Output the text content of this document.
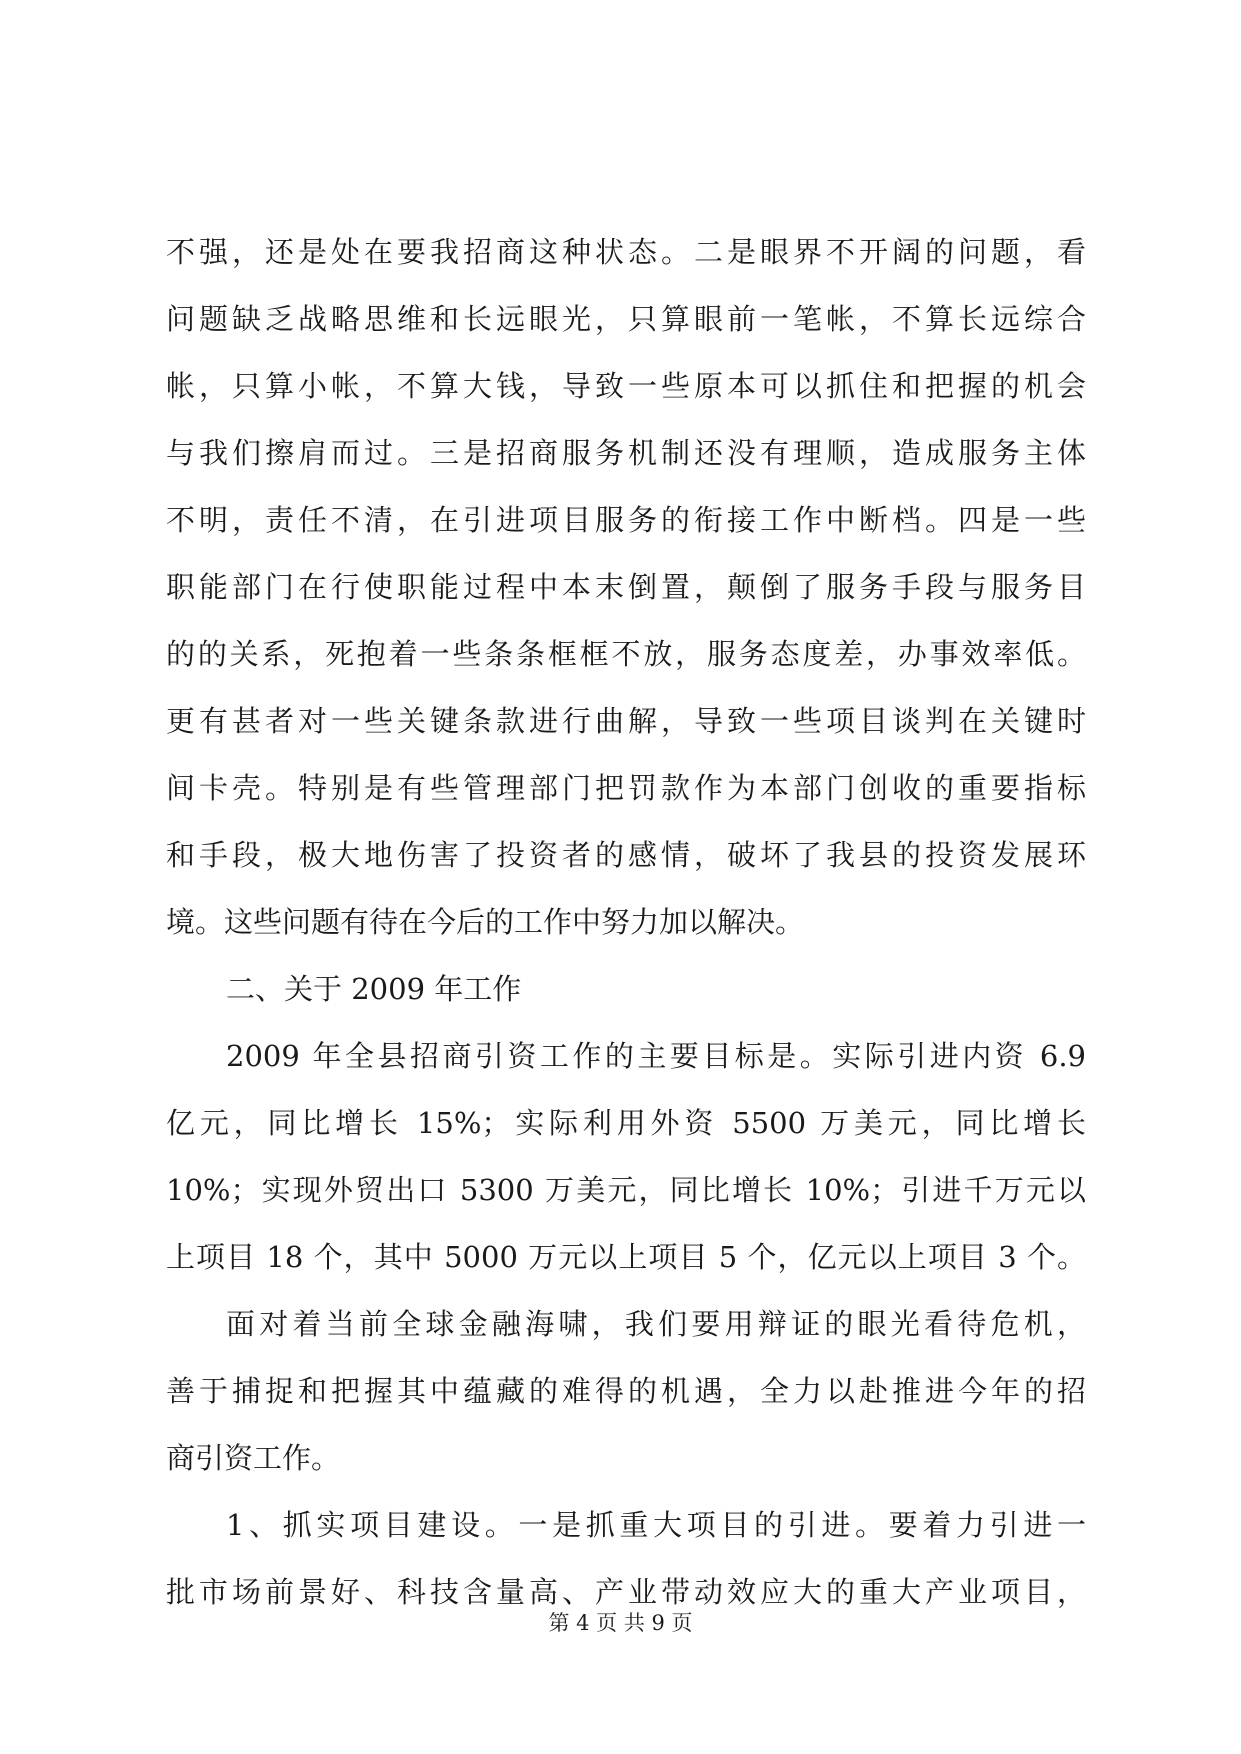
不强，还是处在要我招商这种状态。二是眼界不开阔的问题，看
问题缺乏战略思维和长远眼光，只算眼前一笔帐，不算长远综合
帐，只算小帐，不算大钱，导致一些原本可以抓住和把握的机会
与我们擦肩而过。三是招商服务机制还没有理顺，造成服务主体
不明，责任不清，在引进项目服务的衔接工作中断档。四是一些
职能部门在行使职能过程中本末倒置，颠倒了服务手段与服务目
的的关系，死抱着一些条条框框不放，服务态度差，办事效率低。
更有甚者对一些关键条款进行曲解，导致一些项目谈判在关键时
间卡壳。特别是有些管理部门把罚款作为本部门创收的重要指标
和手段，极大地伤害了投资者的感情，破坏了我县的投资发展环
境。这些问题有待在今后的工作中努力加以解决。
二、关于 2009 年工作
2009 年全县招商引资工作的主要目标是。实际引进内资 6.9
亿元，同比增长 15%；实际利用外资 5500 万美元，同比增长
10%；实现外贸出口 5300 万美元，同比增长 10%；引进千万元以
上项目 18 个，其中 5000 万元以上项目 5 个，亿元以上项目 3 个。
面对着当前全球金融海啸，我们要用辩证的眼光看待危机，
善于捕捉和把握其中蕴藏的难得的机遇，全力以赴推进今年的招
商引资工作。
1、抓实项目建设。一是抓重大项目的引进。要着力引进一
批市场前景好、科技含量高、产业带动效应大的重大产业项目，
第 4 页 共 9 页
